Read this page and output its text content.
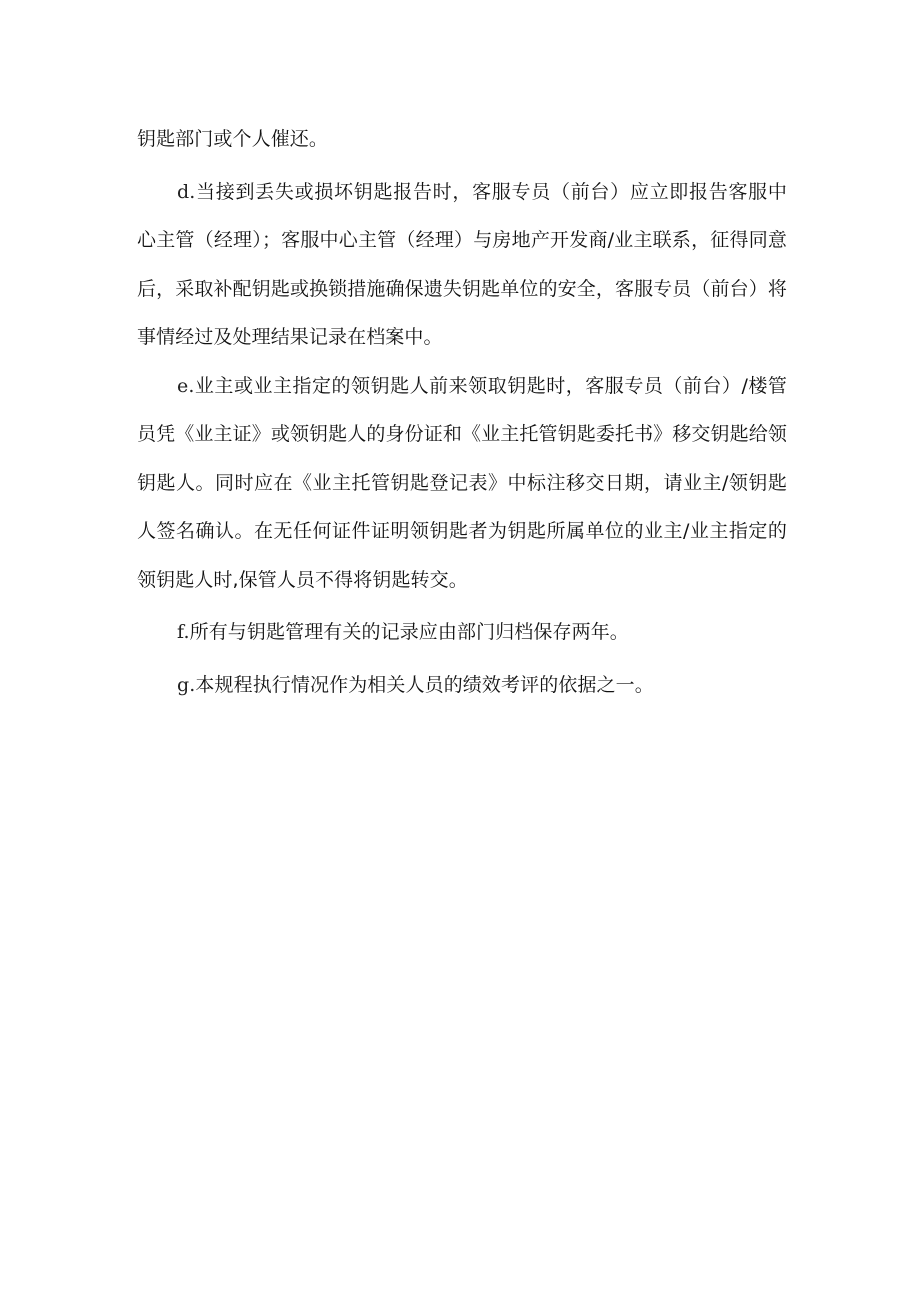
钥匙部门或个人催还。

d.当接到丢失或损坏钥匙报告时，客服专员（前台）应立即报告客服中心主管（经理）；客服中心主管（经理）与房地产开发商/业主联系，征得同意后，采取补配钥匙或换锁措施确保遗失钥匙单位的安全，客服专员（前台）将事情经过及处理结果记录在档案中。

e.业主或业主指定的领钥匙人前来领取钥匙时，客服专员（前台）/楼管员凭《业主证》或领钥匙人的身份证和《业主托管钥匙委托书》移交钥匙给领钥匙人。同时应在《业主托管钥匙登记表》中标注移交日期，请业主/领钥匙人签名确认。在无任何证件证明领钥匙者为钥匙所属单位的业主/业主指定的领钥匙人时,保管人员不得将钥匙转交。

f.所有与钥匙管理有关的记录应由部门归档保存两年。

g.本规程执行情况作为相关人员的绩效考评的依据之一。
